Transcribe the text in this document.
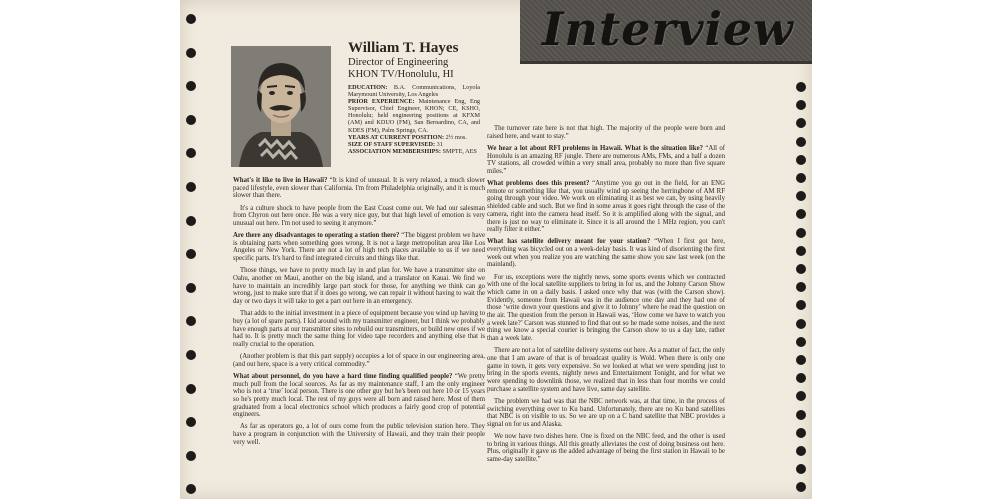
Interview
William T. Hayes
Director of Engineering
KHON TV/Honolulu, HI
EDUCATION: B.A. Communications, Loyola Marymount University, Los Angeles
PRIOR EXPERIENCE: Maintenance Eng, Eng Supervisor, Chief Engineer, KHON; CE, KSHO, Honolulu; held engineering positions at KFXM (AM) and KDUO (FM), San Bernardino, CA, and KDES (FM), Palm Springs, CA.
YEARS AT CURRENT POSITION: 2½ mos.
SIZE OF STAFF SUPERVISED: 31
ASSOCIATION MEMBERSHIPS: SMPTE, AES

What's it like to live in Hawaii? “It is kind of unusual. It is very relaxed, a much slower paced lifestyle, even slower than California. I'm from Philadelphia originally, and it is much slower than there.

It's a culture shock to have people from the East Coast come out. We had our salesman from Chyron out here once. He was a very nice guy, but that high level of emotion is very unusual out here. I'm not used to seeing it anymore.”

Are there any disadvantages to operating a station there? “The biggest problem we have is obtaining parts when something goes wrong. It is not a large metropolitan area like Los Angeles or New York. There are not a lot of high tech places available to us if we need specific parts. It's hard to find integrated circuits and things like that.

Those things, we have to pretty much lay in and plan for. We have a transmitter site on Oahu, another on Maui, another on the big island, and a translator on Kauai. We find we have to maintain an incredibly large part stock for those, for anything we think can go wrong, just to make sure that if it does go wrong, we can repair it without having to wait the day or two days it will take to get a part out here in an emergency.

That adds to the initial investment in a piece of equipment because you wind up having to buy (a lot of spare parts). I kid around with my transmitter engineer, but I think we probably have enough parts at our transmitter sites to rebuild our transmitters, or build new ones if we had to. It is pretty much the same thing for video tape recorders and anything else that is really crucial to the operation.

(Another problem is that this part supply) occupies a lot of space in our engineering area, (and out here, space is a very critical commodity.”

What about personnel, do you have a hard time finding qualified people? “We pretty much pull from the local sources. As far as my maintenance staff, I am the only engineer who is not a ‘true’ local person. There is one other guy but he's been out here 10 or 15 years so he's pretty much local. The rest of my guys were all born and raised here. Most of them graduated from a local electronics school which produces a fairly good crop of potential engineers.

As far as operators go, a lot of ours come from the public television station here. They have a program in conjunction with the University of Hawaii, and they train their people very well.

The turnover rate here is not that high. The majority of the people were born and raised here, and want to stay.”

We hear a lot about RFI problems in Hawaii. What is the situation like? “All of Honolulu is an amazing RF jungle. There are numerous AMs, FMs, and a half a dozen TV stations, all crowded within a very small area, probably no more than five square miles.”

What problems does this present? “Anytime you go out in the field, for an ENG remote or something like that, you usually wind up seeing the herringbone of AM RF going through your video. We work on eliminating it as best we can, by using heavily shielded cable and such. But we find in some areas it goes right through the case of the camera, right into the camera head itself. So it is amplified along with the signal, and there is just no way to eliminate it. Since it is all around the 1 MHz region, you can't really filter it either.”

What has satellite delivery meant for your station? “When I first got here, everything was bicycled out on a week-delay basis. It was kind of disorienting the first week out when you realize you are watching the same show you saw last week (on the mainland).

For us, exceptions were the nightly news, some sports events which we contracted with one of the local satellite suppliers to bring in for us, and the Johnny Carson Show which came in on a daily basis. I asked once why that was (with the Carson show). Evidently, someone from Hawaii was in the audience one day and they had one of those ‘write down your questions and give it to Johnny’ where he read the question on the air. The question from the person in Hawaii was, ‘How come we have to watch you a week late?’ Carson was stunned to find that out so he made some noises, and the next thing we know a special courier is bringing the Carson show to us a day late, rather than a week late.

There are not a lot of satellite delivery systems out here. As a matter of fact, the only one that I am aware of that is of broadcast quality is Wold. When there is only one game in town, it gets very expensive. So we looked at what we were spending just to bring in the sports events, nightly news and Entertainment Tonight, and for what we were spending to downlink those, we realized that in less than four months we could purchase a satellite system and have live, same day satellite.

The problem we had was that the NBC network was, at that time, in the process of switching everything over to Ku band. Unfortunately, there are no Ku band satellites that NBC is on visible to us. So we are up on a C band satellite that NBC provides a signal on for us and Alaska.

We now have two dishes here. One is fixed on the NBC feed, and the other is used to bring in various things. All this greatly alleviates the cost of doing business out here. Plus, originally it gave us the added advantage of being the first station in Hawaii to be same-day satellite.”
